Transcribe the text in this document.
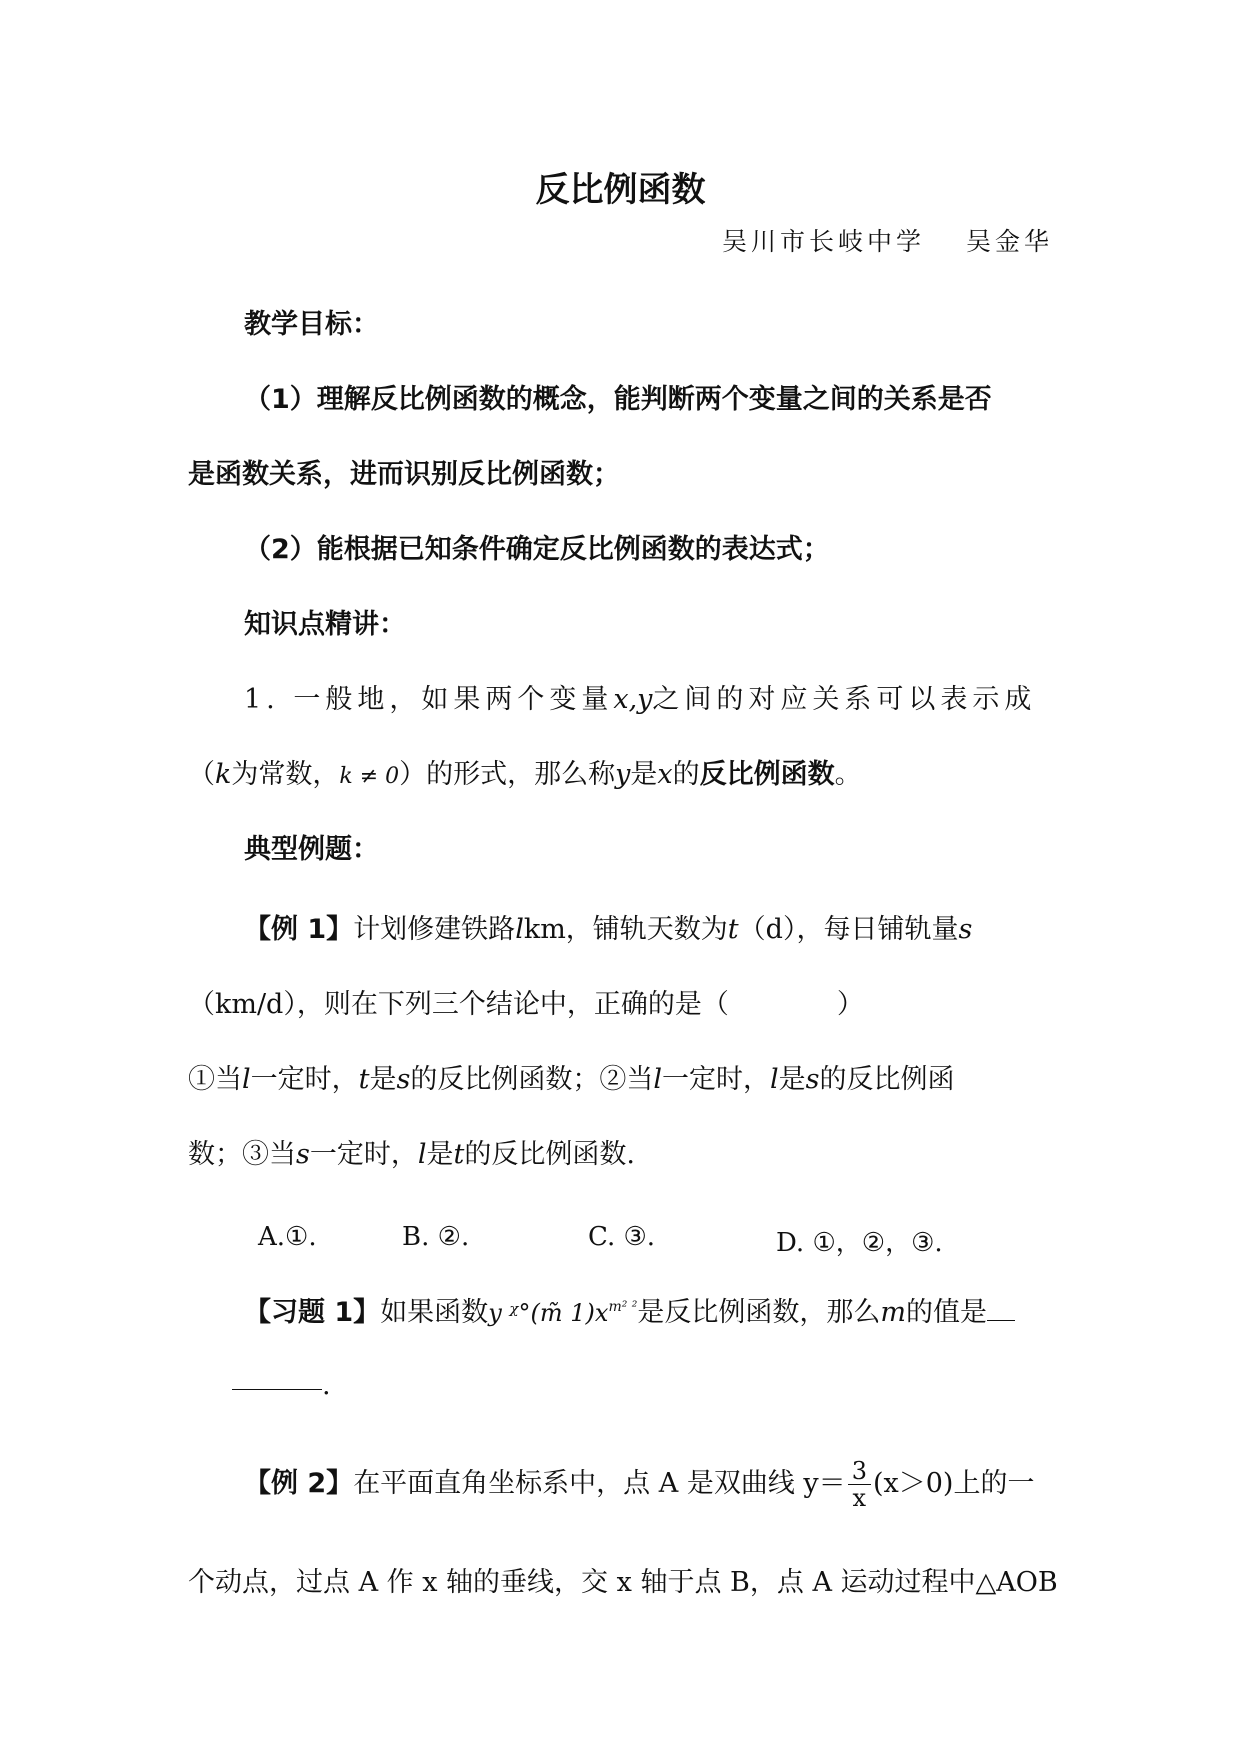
反比例函数
吴川市长岐中学　 吴金华
教学目标：
（1）理解反比例函数的概念，能判断两个变量之间的关系是否
是函数关系，进而识别反比例函数；
（2）能根据已知条件确定反比例函数的表达式；
知识点精讲：
1. 一般地，如果两个变量x,y之间的对应关系可以表示成
（k为常数，k ≠ 0）的形式，那么称y是x的反比例函数。
典型例题：
【例 1】计划修建铁路lkm，铺轨天数为t（d），每日铺轨量s
（km/d），则在下列三个结论中，正确的是（　　　　）
①当l一定时，t是s的反比例函数；②当l一定时，l是s的反比例函
数；③当s一定时，l是t的反比例函数.
A.①.	B. ②.	C. ③.	D. ①，②，③.
【习题 1】如果函数y ᵡ°(m̃ $1)x^{m^2 ^2}$是反比例函数，那么m的值是
.
【例 2】在平面直角坐标系中，点 A 是双曲线 $y= \frac{3}{x} (x>0)$上的一
个动点，过点 A 作 x 轴的垂线，交 x 轴于点 B，点 A 运动过程中△AOB
